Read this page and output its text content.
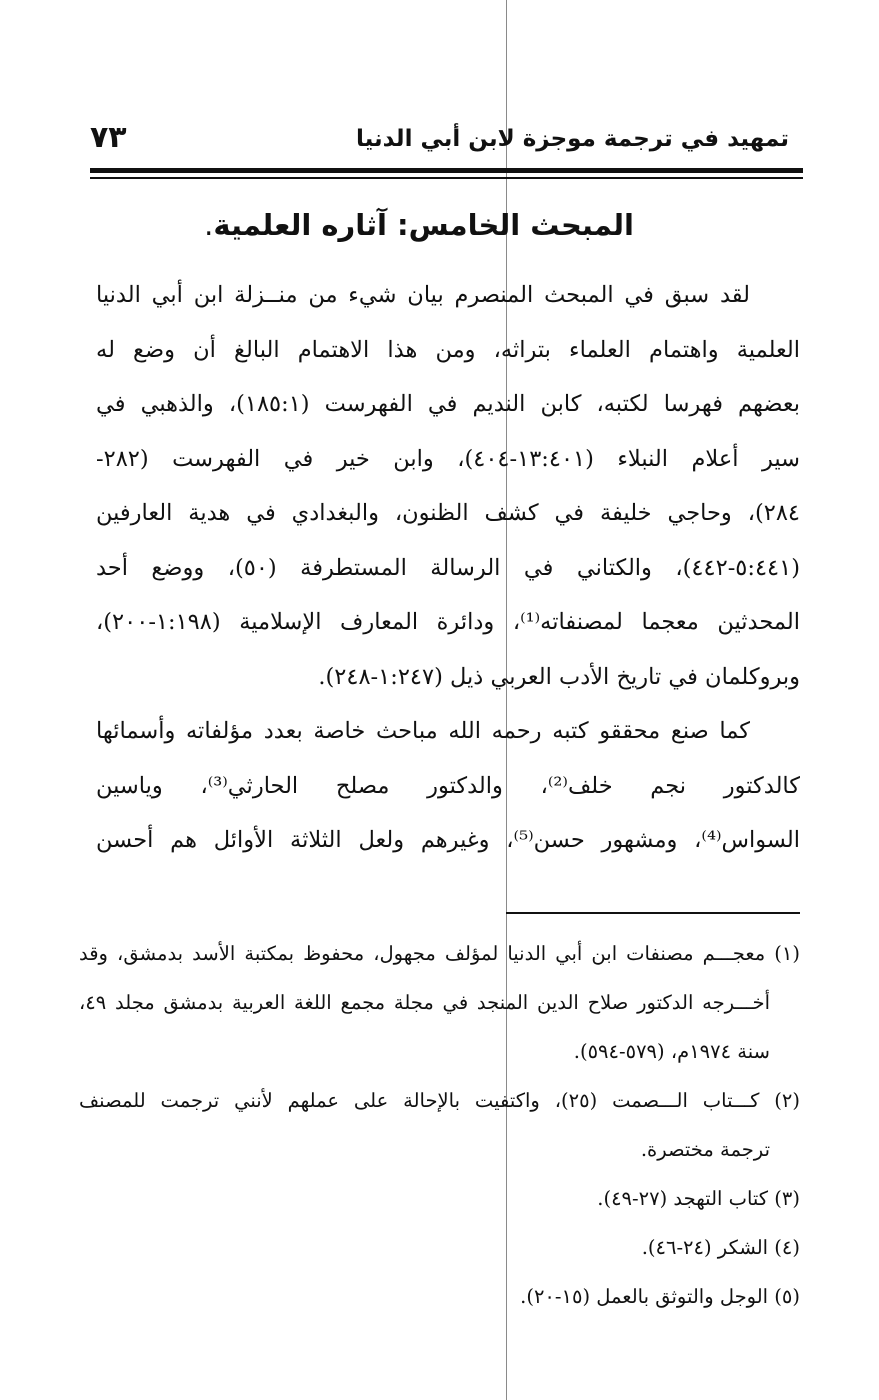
تمهيد في ترجمة موجزة لابن أبي الدنيا
٧٣
المبحث الخامس: آثاره العلمية.
لقد سبق في المبحث المنصرم بيان شيء من منــزلة ابن أبي الدنيا
العلمية واهتمام العلماء بتراثه، ومن هذا الاهتمام البالغ أن وضع له
بعضهم فهرسا لكتبه، كابن النديم في الفهرست (١٨٥:١)، والذهبي في
سير أعلام النبلاء (١٣:٤٠١-٤٠٤)، وابن خير في الفهرست (٢٨٢-
٢٨٤)، وحاجي خليفة في كشف الظنون، والبغدادي في هدية العارفين
(٥:٤٤١-٤٤٢)، والكتاني في الرسالة المستطرفة (٥٠)، ووضع أحد
المحدثين معجما لمصنفاته⁽¹⁾، ودائرة المعارف الإسلامية (١:١٩٨-٢٠٠)،
وبروكلمان في تاريخ الأدب العربي ذيل (١:٢٤٧-٢٤٨).
كما صنع محققو كتبه رحمه الله مباحث خاصة بعدد مؤلفاته وأسمائها
كالدكتور نجم خلف⁽²⁾، والدكتور مصلح الحارثي⁽³⁾، وياسين
السواس⁽⁴⁾، ومشهور حسن⁽⁵⁾، وغيرهم ولعل الثلاثة الأوائل هم أحسن
(١) معجـــم مصنفات ابن أبي الدنيا لمؤلف مجهول، محفوظ بمكتبة الأسد بدمشق، وقد
أخـــرجه الدكتور صلاح الدين المنجد في مجلة مجمع اللغة العربية بدمشق مجلد ٤٩،
سنة ١٩٧٤م، (٥٧٩-٥٩٤).
(٢) كـــتاب الـــصمت (٢٥)، واكتفيت بالإحالة على عملهم لأنني ترجمت للمصنف
ترجمة مختصرة.
(٣) كتاب التهجد (٢٧-٤٩).
(٤) الشكر (٢٤-٤٦).
(٥) الوجل والتوثق بالعمل (١٥-٢٠).
